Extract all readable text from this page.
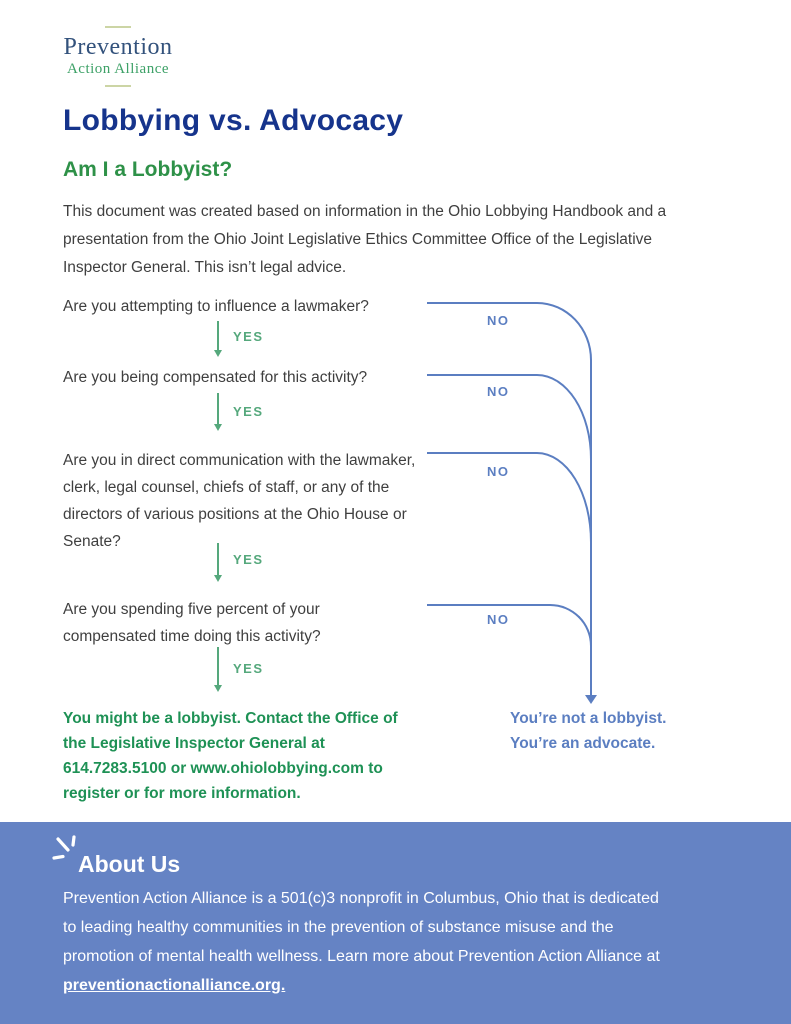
Prevention
Action Alliance
Lobbying vs. Advocacy
Am I a Lobbyist?

This document was created based on information in the Ohio Lobbying Handbook and a presentation from the Ohio Joint Legislative Ethics Committee Office of the Legislative Inspector General. This isn’t legal advice.

Are you attempting to influence a lawmaker?
Are you being compensated for this activity?
Are you in direct communication with the lawmaker, clerk, legal counsel, chiefs of staff, or any of the directors of various positions at the Ohio House or Senate?
Are you spending five percent of your compensated time doing this activity?
YES
YES
YES
YES
NO
NO
NO
NO
You might be a lobbyist. Contact the Office of the Legislative Inspector General at 614.7283.5100 or www.ohiolobbying.com to register or for more information.
You’re not a lobbyist.
You’re an advocate.
About Us

Prevention Action Alliance is a 501(c)3 nonprofit in Columbus, Ohio that is dedicated to leading healthy communities in the prevention of substance misuse and the promotion of mental health wellness. Learn more about Prevention Action Alliance at preventionactionalliance.org.
